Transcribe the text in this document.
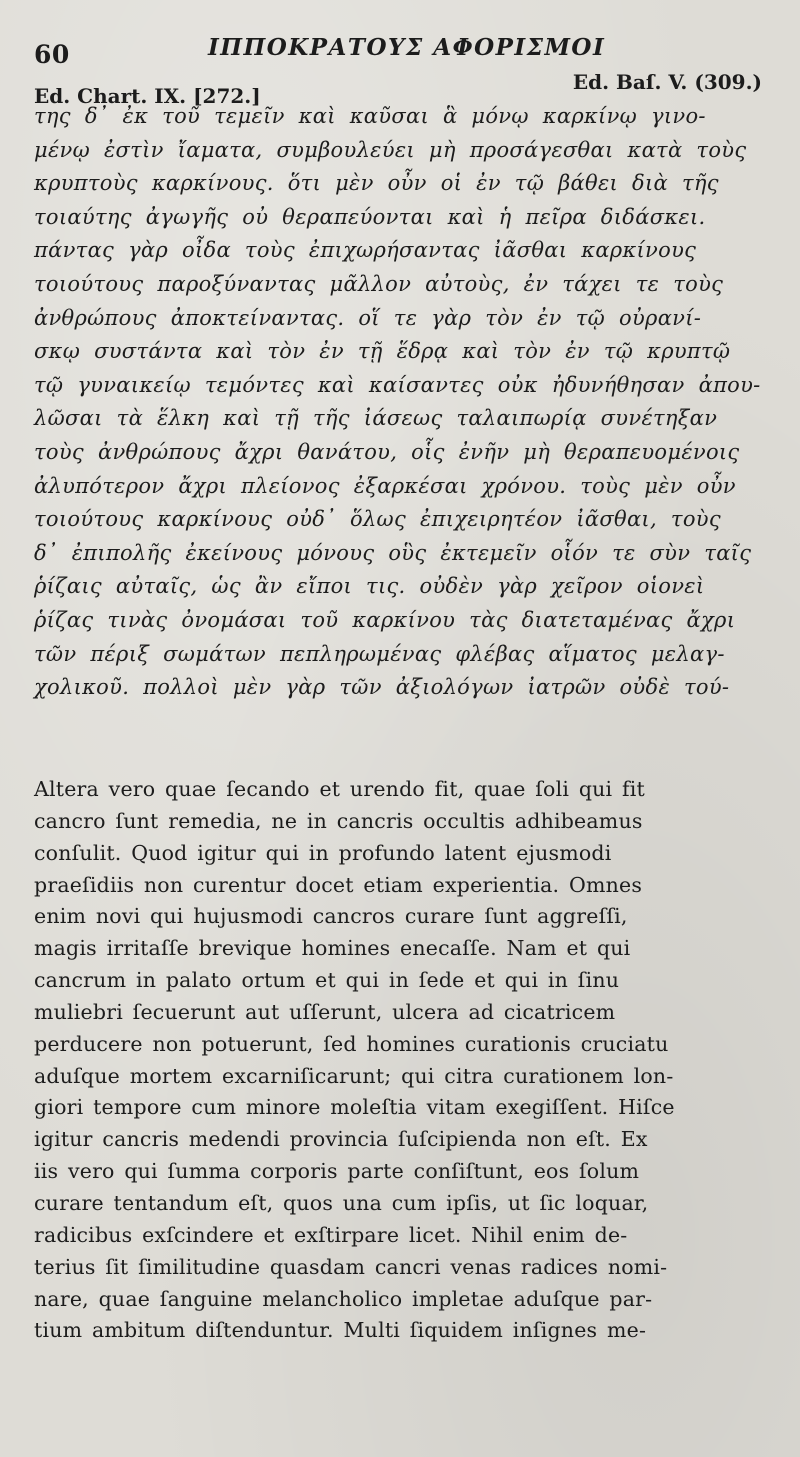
60	ΙΠΠΟΚΡΑΤΟΥΣ ΑΦΟΡΙΣΜΟΙ
Ed. Chart. IX. [272.]
Ed. Baſ. V. (309.)
της δ᾿ ἐκ τοῦ τεμεῖν καὶ καῦσαι ἃ μόνῳ καρκίνῳ γινο-
μένῳ ἐστὶν ἴαματα, συμβουλεύει μὴ προσάγεσθαι κατὰ τοὺς
κρυπτοὺς καρκίνους. ὅτι μὲν οὖν οἱ ἐν τῷ βάθει διὰ τῆς
τοιαύτης ἀγωγῆς οὐ θεραπεύονται καὶ ἡ πεῖρα διδάσκει.
πάντας γὰρ οἶδα τοὺς ἐπιχωρήσαντας ἰᾶσθαι καρκίνους
τοιούτους παροξύναντας μᾶλλον αὐτοὺς, ἐν τάχει τε τοὺς
ἀνθρώπους ἀποκτείναντας. οἵ τε γὰρ τὸν ἐν τῷ οὐρανί-
σκῳ συστάντα καὶ τὸν ἐν τῇ ἕδρᾳ καὶ τὸν ἐν τῷ κρυπτῷ
τῷ γυναικείῳ τεμόντες καὶ καίσαντες οὐκ ἠδυνήθησαν ἀπου-
λῶσαι τὰ ἕλκη καὶ τῇ τῆς ἰάσεως ταλαιπωρίᾳ συνέτηξαν
τοὺς ἀνθρώπους ἄχρι θανάτου, οἷς ἐνῆν μὴ θεραπευομένοις
ἀλυπότερον ἄχρι πλείονος ἐξαρκέσαι χρόνου. τοὺς μὲν οὖν
τοιούτους καρκίνους οὐδ᾿ ὅλως ἐπιχειρητέον ἰᾶσθαι, τοὺς
δ᾿ ἐπιπολῆς ἐκείνους μόνους οὓς ἐκτεμεῖν οἷόν τε σὺν ταῖς
ῥίζαις αὐταῖς, ὡς ἂν εἴποι τις. οὐδὲν γὰρ χεῖρον οἱονεὶ
ῥίζας τινὰς ὀνομάσαι τοῦ καρκίνου τὰς διατεταμένας ἄχρι
τῶν πέριξ σωμάτων πεπληρωμένας φλέβας αἵματος μελαγ-
χολικοῦ. πολλοὶ μὲν γὰρ τῶν ἀξιολόγων ἰατρῶν οὐδὲ τού-
Altera vero quae ſecando et urendo fit, quae ſoli qui fit
cancro ſunt remedia, ne in cancris occultis adhibeamus
conſulit. Quod igitur qui in profundo latent ejusmodi
praeſidiis non curentur docet etiam experientia. Omnes
enim novi qui hujusmodi cancros curare ſunt aggreſſi,
magis irritaſſe brevique homines enecaſſe. Nam et qui
cancrum in palato ortum et qui in ſede et qui in ſinu
muliebri ſecuerunt aut uſſerunt, ulcera ad cicatricem
perducere non potuerunt, ſed homines curationis cruciatu
aduſque mortem excarniſicarunt; qui citra curationem lon-
giori tempore cum minore moleſtia vitam exegiſſent. Hiſce
igitur cancris medendi provincia ſuſcipienda non eſt. Ex
iis vero qui ſumma corporis parte conſiſtunt, eos ſolum
curare tentandum eſt, quos una cum ipſis, ut ſic loquar,
radicibus exſcindere et exſtirpare licet. Nihil enim de-
terius ſit ſimilitudine quasdam cancri venas radices nomi-
nare, quae ſanguine melancholico impletae aduſque par-
tium ambitum diſtenduntur. Multi ſiquidem inſignes me-
